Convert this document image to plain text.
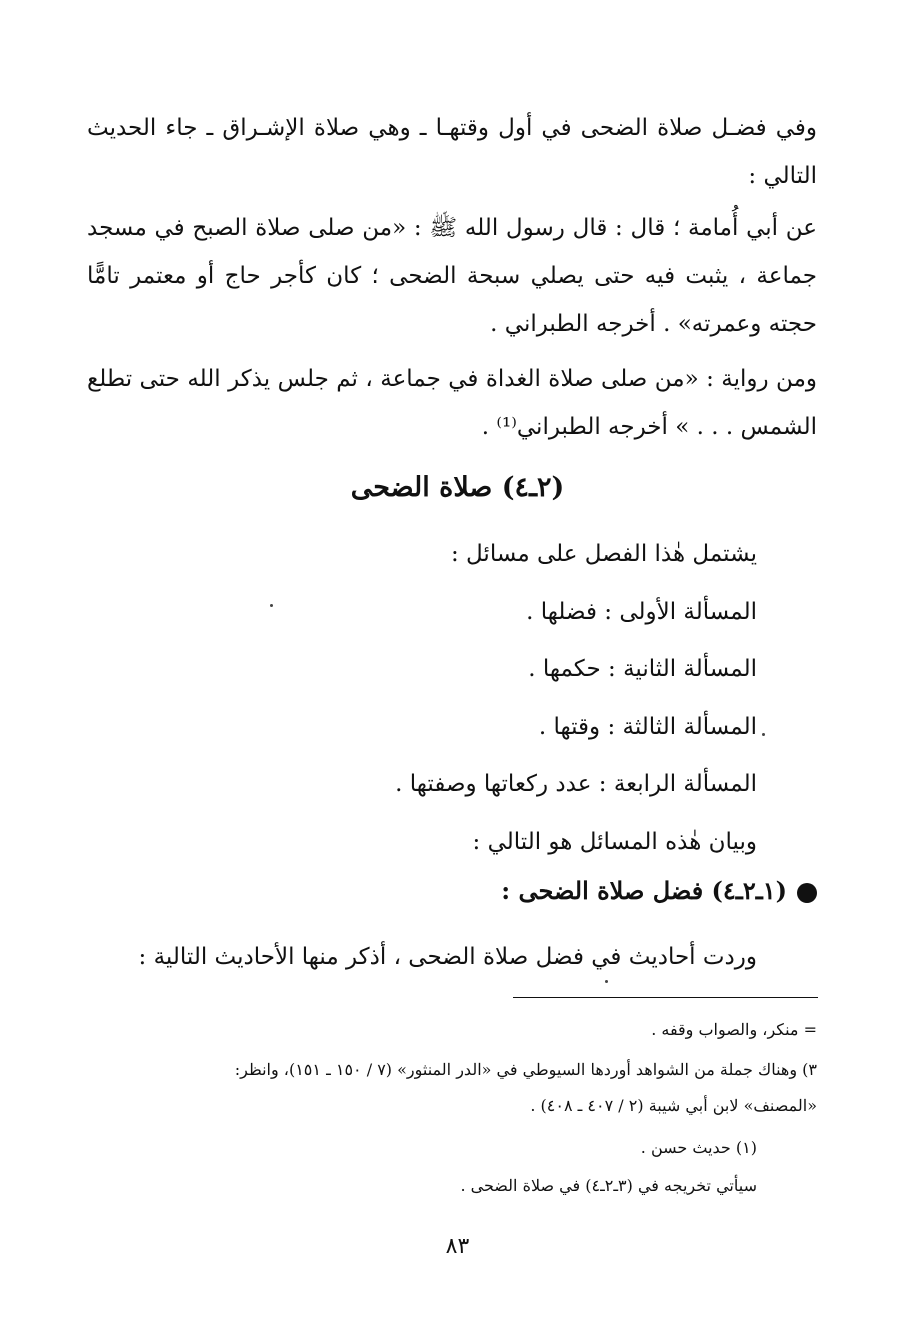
وفي فضـل صلاة الضحى في أول وقتهـا ـ وهي صلاة الإشـراق ـ جاء الحديث التالي :
عن أبي أُمامة ؛ قال : قال رسول الله ﷺ : «من صلى صلاة الصبح في مسجد جماعة ، يثبت فيه حتى يصلي سبحة الضحى ؛ كان كأجر حاج أو معتمر تامًّا حجته وعمرته» . أخرجه الطبراني .
ومن رواية : «من صلى صلاة الغداة في جماعة ، ثم جلس يذكر الله حتى تطلع الشمس . . . » أخرجه الطبراني⁽¹⁾ .
(٢ـ٤) صلاة الضحى
يشتمل هٰذا الفصل على مسائل :
المسألة الأولى : فضلها .
المسألة الثانية : حكمها .
المسألة الثالثة : وقتها .
المسألة الرابعة : عدد ركعاتها وصفتها .
وبيان هٰذه المسائل هو التالي :
(١ـ٢ـ٤) فضل صلاة الضحى :
وردت أحاديث في فضل صلاة الضحى ، أذكر منها الأحاديث التالية :
= منكر، والصواب وقفه .
٣) وهناك جملة من الشواهد أوردها السيوطي في «الدر المنثور» (٧ / ١٥٠ ـ ١٥١)، وانظر:
«المصنف» لابن أبي شيبة (٢ / ٤٠٧ ـ ٤٠٨) .
(١) حديث حسن .
سيأتي تخريجه في (٣ـ٢ـ٤) في صلاة الضحى .
٨٣
